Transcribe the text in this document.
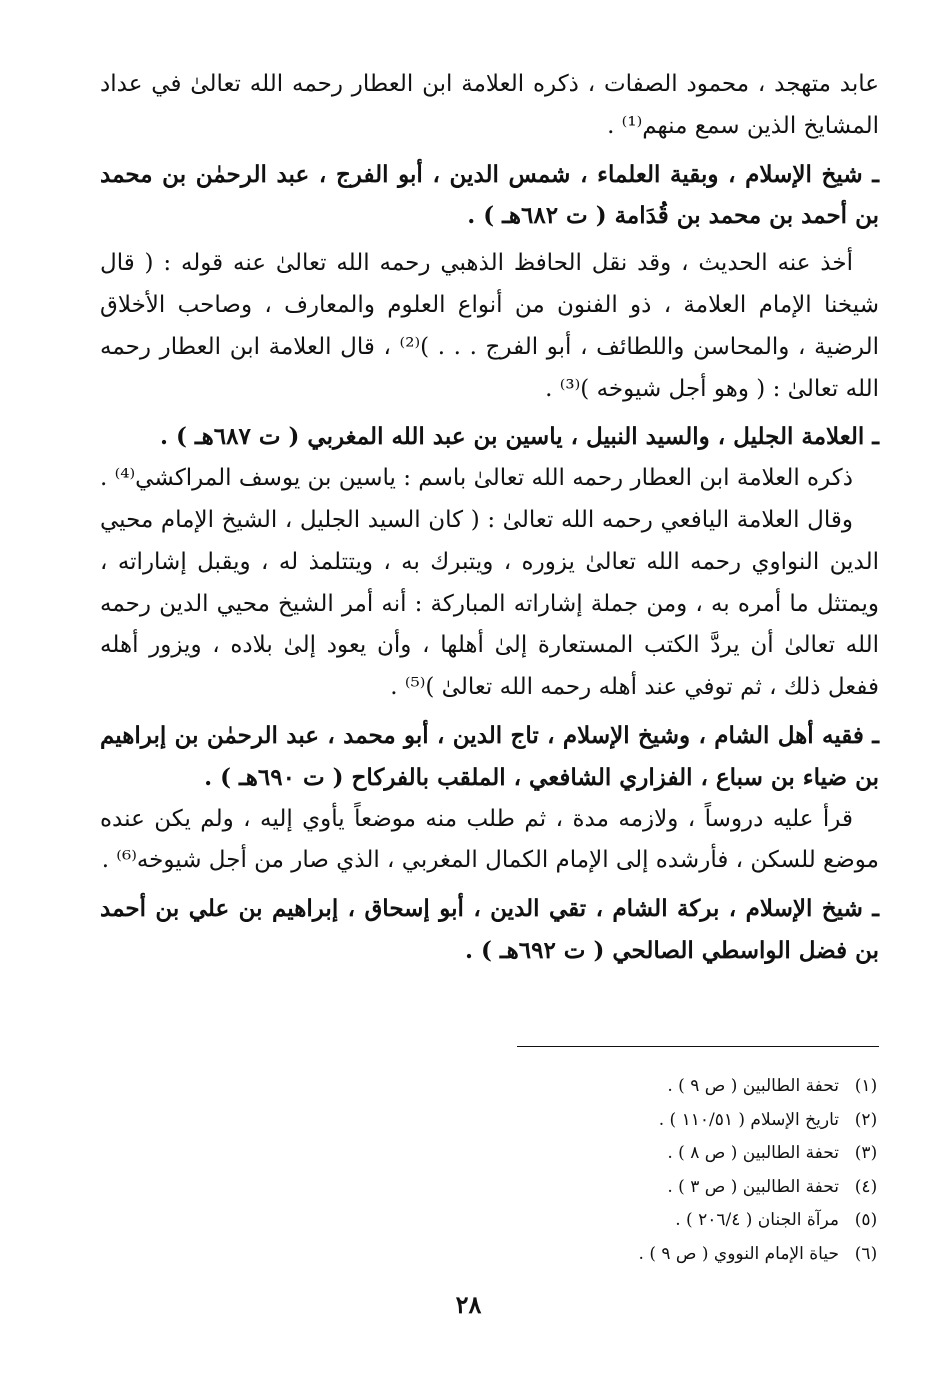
عابد متهجد ، محمود الصفات ، ذكره العلامة ابن العطار رحمه الله تعالىٰ في عداد المشايخ الذين سمع منهم⁽¹⁾ .

ـ شيخ الإسلام ، وبقية العلماء ، شمس الدين ، أبو الفرج ، عبد الرحمٰن بن محمد بن أحمد بن محمد بن قُدَامة ( ت ٦٨٢هـ ) .

أخذ عنه الحديث ، وقد نقل الحافظ الذهبي رحمه الله تعالىٰ عنه قوله : ( قال شيخنا الإمام العلامة ، ذو الفنون من أنواع العلوم والمعارف ، وصاحب الأخلاق الرضية ، والمحاسن واللطائف ، أبو الفرج . . . )⁽²⁾ ، قال العلامة ابن العطار رحمه الله تعالىٰ : ( وهو أجل شيوخه )⁽³⁾ .

ـ العلامة الجليل ، والسيد النبيل ، ياسين بن عبد الله المغربي ( ت ٦٨٧هـ ) .

ذكره العلامة ابن العطار رحمه الله تعالىٰ باسم : ياسين بن يوسف المراكشي⁽⁴⁾ .

وقال العلامة اليافعي رحمه الله تعالىٰ : ( كان السيد الجليل ، الشيخ الإمام محيي الدين النواوي رحمه الله تعالىٰ يزوره ، ويتبرك به ، ويتتلمذ له ، ويقبل إشاراته ، ويمتثل ما أمره به ، ومن جملة إشاراته المباركة : أنه أمر الشيخ محيي الدين رحمه الله تعالىٰ أن يردَّ الكتب المستعارة إلىٰ أهلها ، وأن يعود إلىٰ بلاده ، ويزور أهله ففعل ذلك ، ثم توفي عند أهله رحمه الله تعالىٰ )⁽⁵⁾ .

ـ فقيه أهل الشام ، وشيخ الإسلام ، تاج الدين ، أبو محمد ، عبد الرحمٰن بن إبراهيم بن ضياء بن سباع ، الفزاري الشافعي ، الملقب بالفركاح ( ت ٦٩٠هـ ) .

قرأ عليه دروساً ، ولازمه مدة ، ثم طلب منه موضعاً يأوي إليه ، ولم يكن عنده موضع للسكن ، فأرشده إلى الإمام الكمال المغربي ، الذي صار من أجل شيوخه⁽⁶⁾ .

ـ شيخ الإسلام ، بركة الشام ، تقي الدين ، أبو إسحاق ، إبراهيم بن علي بن أحمد بن فضل الواسطي الصالحي ( ت ٦٩٢هـ ) .

(١)
تحفة الطالبين ( ص ٩ ) .
(٢)
تاريخ الإسلام ( ١١٠/٥١ ) .
(٣)
تحفة الطالبين ( ص ٨ ) .
(٤)
تحفة الطالبين ( ص ٣ ) .
(٥)
مرآة الجنان ( ٢٠٦/٤ ) .
(٦)
حياة الإمام النووي ( ص ٩ ) .
٢٨
